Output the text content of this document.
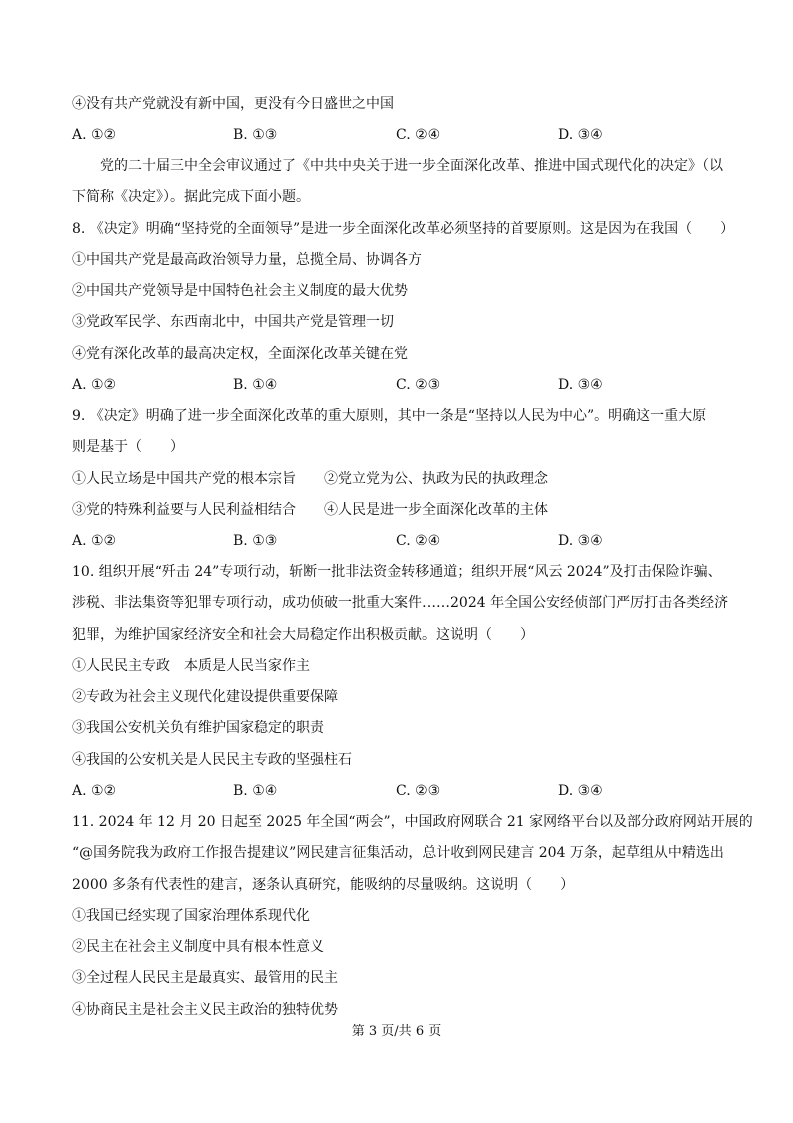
④没有共产党就没有新中国，更没有今日盛世之中国
A. ①②	B. ①③	C. ②④	D. ③④
党的二十届三中全会审议通过了《中共中央关于进一步全面深化改革、推进中国式现代化的决定》（以
下简称《决定》）。据此完成下面小题。
8. 《决定》明确“坚持党的全面领导”是进一步全面深化改革必须坚持的首要原则。这是因为在我国（　　）
①中国共产党是最高政治领导力量，总揽全局、协调各方
②中国共产党领导是中国特色社会主义制度的最大优势
③党政军民学、东西南北中，中国共产党是管理一切
④党有深化改革的最高决定权，全面深化改革关键在党
A. ①②	B. ①④	C. ②③	D. ③④
9. 《决定》明确了进一步全面深化改革的重大原则，其中一条是“坚持以人民为中心”。明确这一重大原
则是基于（　　）
①人民立场是中国共产党的根本宗旨　　②党立党为公、执政为民的执政理念
③党的特殊利益要与人民利益相结合　　④人民是进一步全面深化改革的主体
A. ①②	B. ①③	C. ②④	D. ③④
10. 组织开展“歼击 24”专项行动，斩断一批非法资金转移通道；组织开展“风云 2024”及打击保险诈骗、
涉税、非法集资等犯罪专项行动，成功侦破一批重大案件……2024 年全国公安经侦部门严厉打击各类经济
犯罪，为维护国家经济安全和社会大局稳定作出积极贡献。这说明（　　）
①人民民主专政　本质是人民当家作主
②专政为社会主义现代化建设提供重要保障
③我国公安机关负有维护国家稳定的职责
④我国的公安机关是人民民主专政的坚强柱石
A. ①②	B. ①④	C. ②③	D. ③④
11. 2024 年 12 月 20 日起至 2025 年全国“两会”，中国政府网联合 21 家网络平台以及部分政府网站开展的
“@国务院我为政府工作报告提建议”网民建言征集活动，总计收到网民建言 204 万条，起草组从中精选出
2000 多条有代表性的建言，逐条认真研究，能吸纳的尽量吸纳。这说明（　　）
①我国已经实现了国家治理体系现代化
②民主在社会主义制度中具有根本性意义
③全过程人民民主是最真实、最管用的民主
④协商民主是社会主义民主政治的独特优势
第 3 页/共 6 页
